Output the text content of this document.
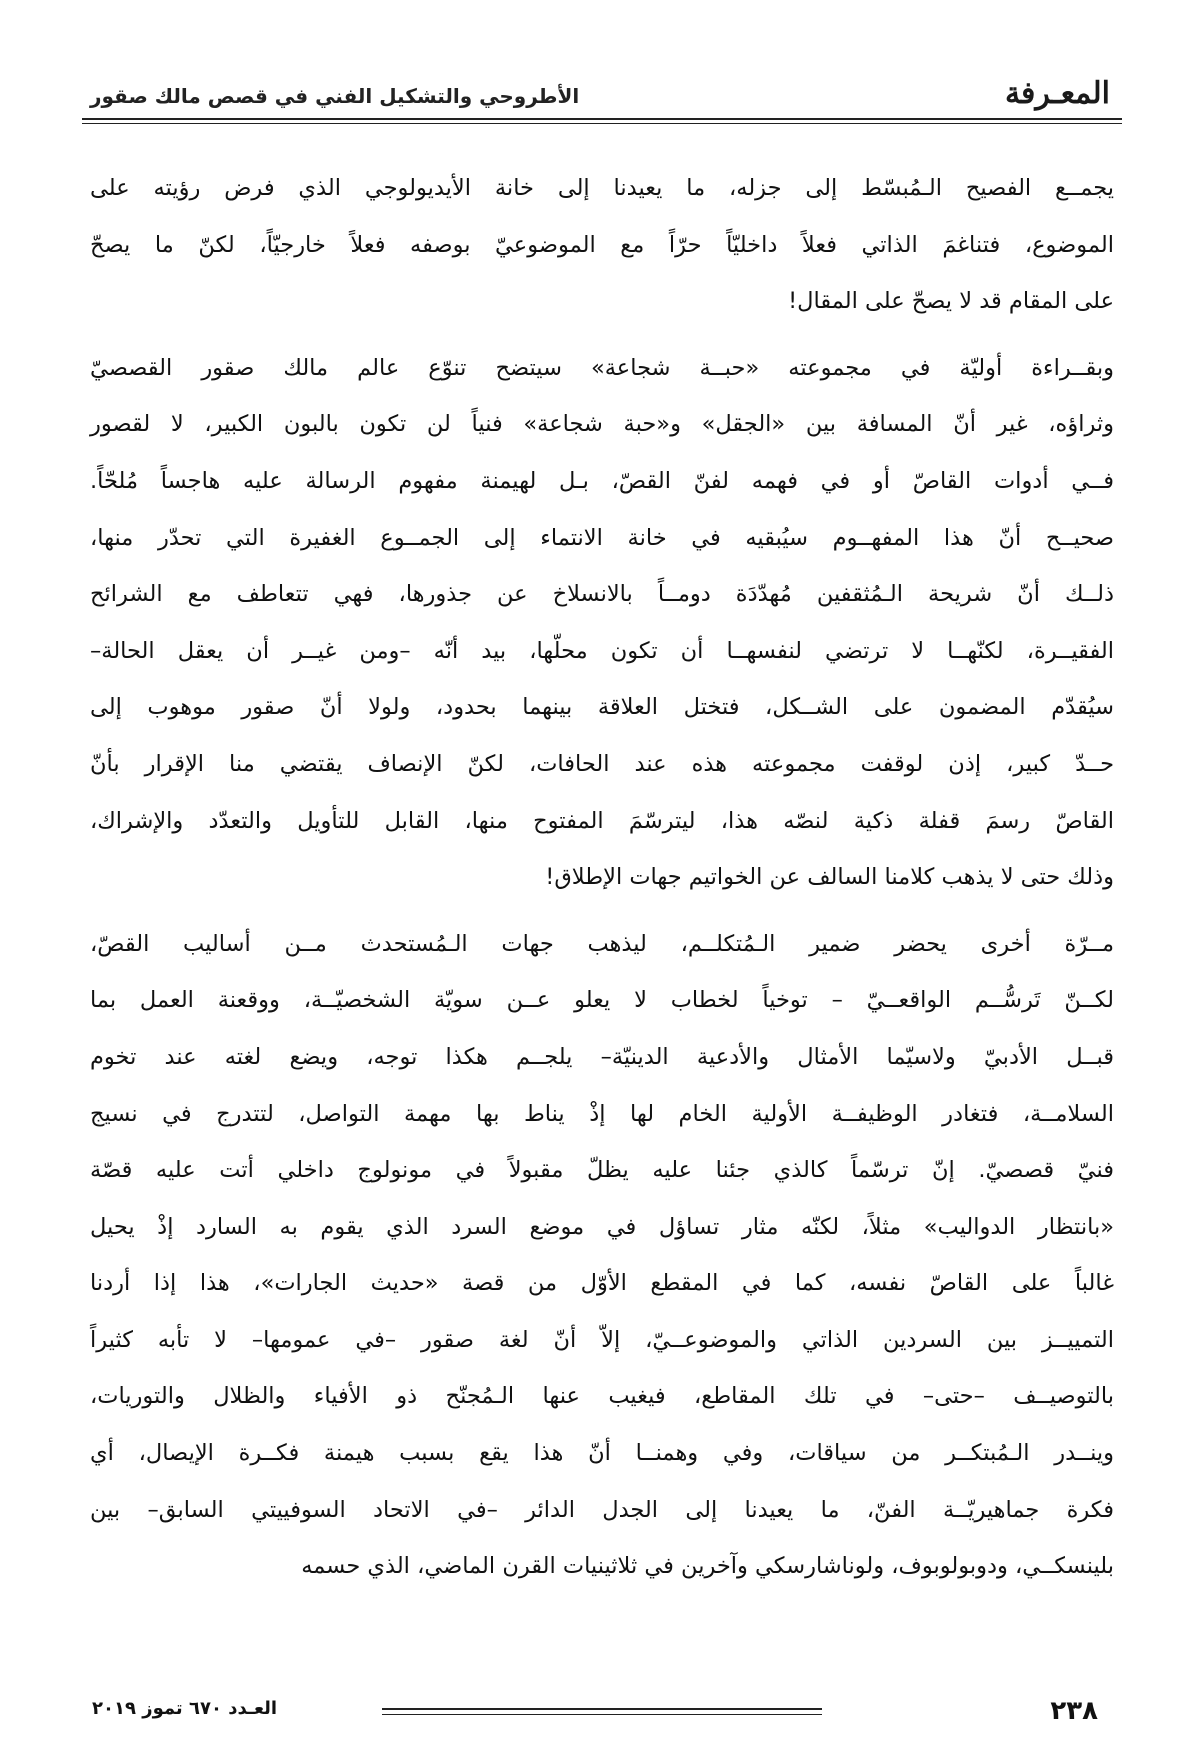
المعـرفة
الأطروحي والتشكيل الفني في قصص مالك صقور

يجمــع الفصيح الـمُبسّط إلى جزله، ما يعيدنا إلى خانة الأيديولوجي الذي فرض رؤيته على
الموضوع، فتناغمَ الذاتي فعلاً داخليّاً حرّاً مع الموضوعيّ بوصفه فعلاً خارجيّاً، لكنّ ما يصحّ
على المقام قد لا يصحّ على المقال!

وبقــراءة أوليّة في مجموعته «حبــة شجاعة» سيتضح تنوّع عالم مالك صقور القصصيّ
وثراؤه، غير أنّ المسافة بين «الجقل» و«حبة شجاعة» فنياً لن تكون بالبون الكبير، لا لقصور
فــي أدوات القاصّ أو في فهمه لفنّ القصّ، بـل لهيمنة مفهوم الرسالة عليه هاجساً مُلحّاً.
صحيــح أنّ هذا المفهــوم سيُبقيه في خانة الانتماء إلى الجمــوع الغفيرة التي تحدّر منها،
ذلــك أنّ شريحة الـمُثقفين مُهدّدَة دومــاً بالانسلاخ عن جذورها، فهي تتعاطف مع الشرائح
الفقيــرة، لكنّهــا لا ترتضي لنفسهــا أن تكون محلّها، بيد أنّه –ومن غيــر أن يعقل الحالة–
سيُقدّم المضمون على الشــكل، فتختل العلاقة بينهما بحدود، ولولا أنّ صقور موهوب إلى
حــدّ كبير، إذن لوقفت مجموعته هذه عند الحافات، لكنّ الإنصاف يقتضي منا الإقرار بأنّ
القاصّ رسمَ قفلة ذكية لنصّه هذا، ليترسّمَ المفتوح منها، القابل للتأويل والتعدّد والإشراك،
وذلك حتى لا يذهب كلامنا السالف عن الخواتيم جهات الإطلاق!

مــرّة أخرى يحضر ضمير الـمُتكلــم، ليذهب جهات الـمُستحدث مــن أساليب القصّ،
لكــنّ تَرسُّــم الواقعــيّ – توخياً لخطاب لا يعلو عــن سويّة الشخصيّــة، ووقعنة العمل بما
قبــل الأدبيّ ولاسيّما الأمثال والأدعية الدينيّة– يلجــم هكذا توجه، ويضع لغته عند تخوم
السلامــة، فتغادر الوظيفــة الأولية الخام لها إذْ يناط بها مهمة التواصل، لتتدرج في نسيج
فنيّ قصصيّ. إنّ ترسّماً كالذي جئنا عليه يظلّ مقبولاً في مونولوج داخلي أتت عليه قصّة
«بانتظار الدواليب» مثلاً، لكنّه مثار تساؤل في موضع السرد الذي يقوم به السارد إذْ يحيل
غالباً على القاصّ نفسه، كما في المقطع الأوّل من قصة «حديث الجارات»، هذا إذا أردنا
التمييــز بين السردين الذاتي والموضوعــيّ، إلاّ أنّ لغة صقور –في عمومها– لا تأبه كثيراً
بالتوصيــف –حتى– في تلك المقاطع، فيغيب عنها الـمُجنّح ذو الأفياء والظلال والتوريات،
وينــدر الـمُبتكــر من سياقات، وفي وهمنــا أنّ هذا يقع بسبب هيمنة فكــرة الإيصال، أي
فكرة جماهيريّــة الفنّ، ما يعيدنا إلى الجدل الدائر –في الاتحاد السوفييتي السابق– بين
بلينسكــي، ودوبولوبوف، ولوناشارسكي وآخرين في ثلاثينيات القرن الماضي، الذي حسمه

٢٣٨
العـدد ٦٧٠ تموز ٢٠١٩
